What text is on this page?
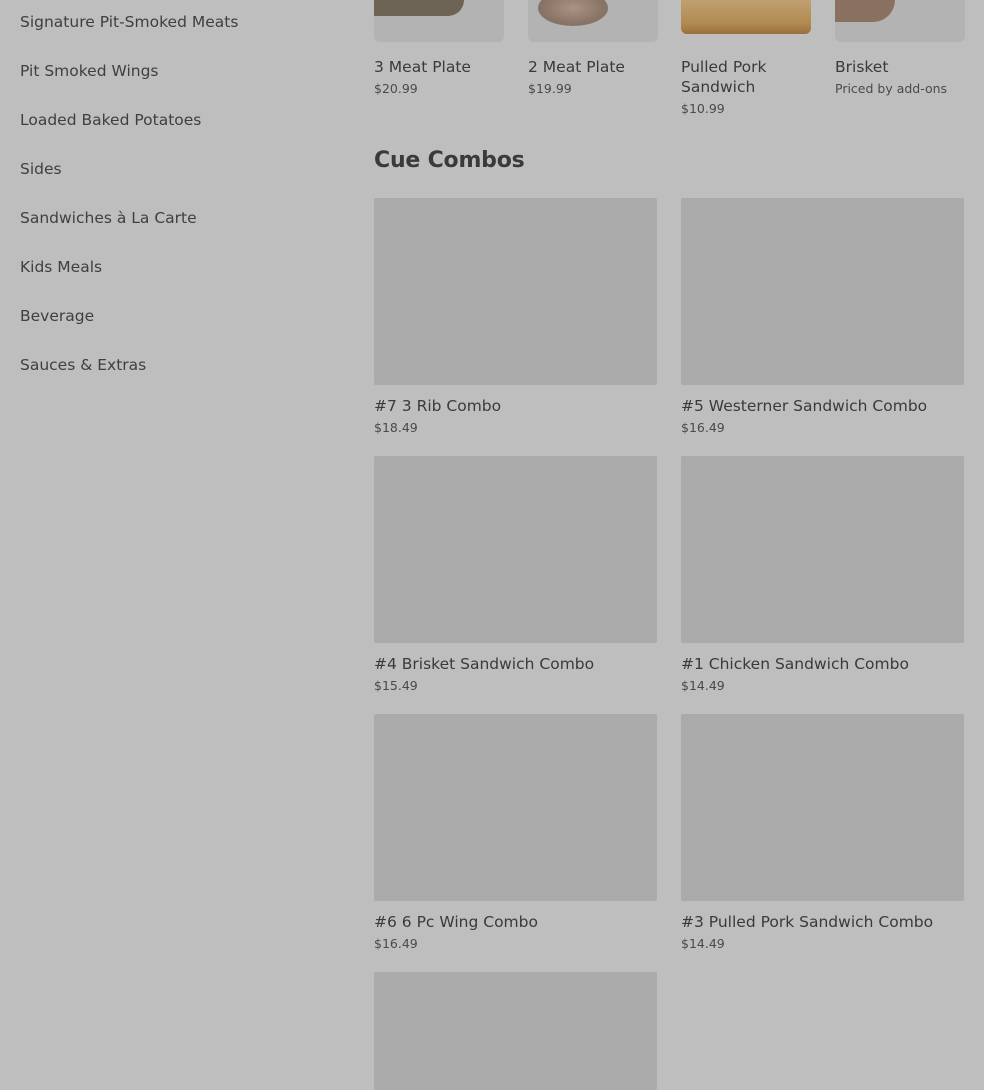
Signature Pit-Smoked Meats
Pit Smoked Wings
Loaded Baked Potatoes
Sides
Sandwiches à La Carte
Kids Meals
Beverage
Sauces & Extras
3 Meat Plate
$20.99
2 Meat Plate
$19.99
Pulled Pork Sandwich
$10.99
Brisket
Priced by add-ons
Cue Combos
#7 3 Rib Combo
$18.49
#5 Westerner Sandwich Combo
$16.49
#4 Brisket Sandwich Combo
$15.49
#1 Chicken Sandwich Combo
$14.49
#6 6 Pc Wing Combo
$16.49
#3 Pulled Pork Sandwich Combo
$14.49
